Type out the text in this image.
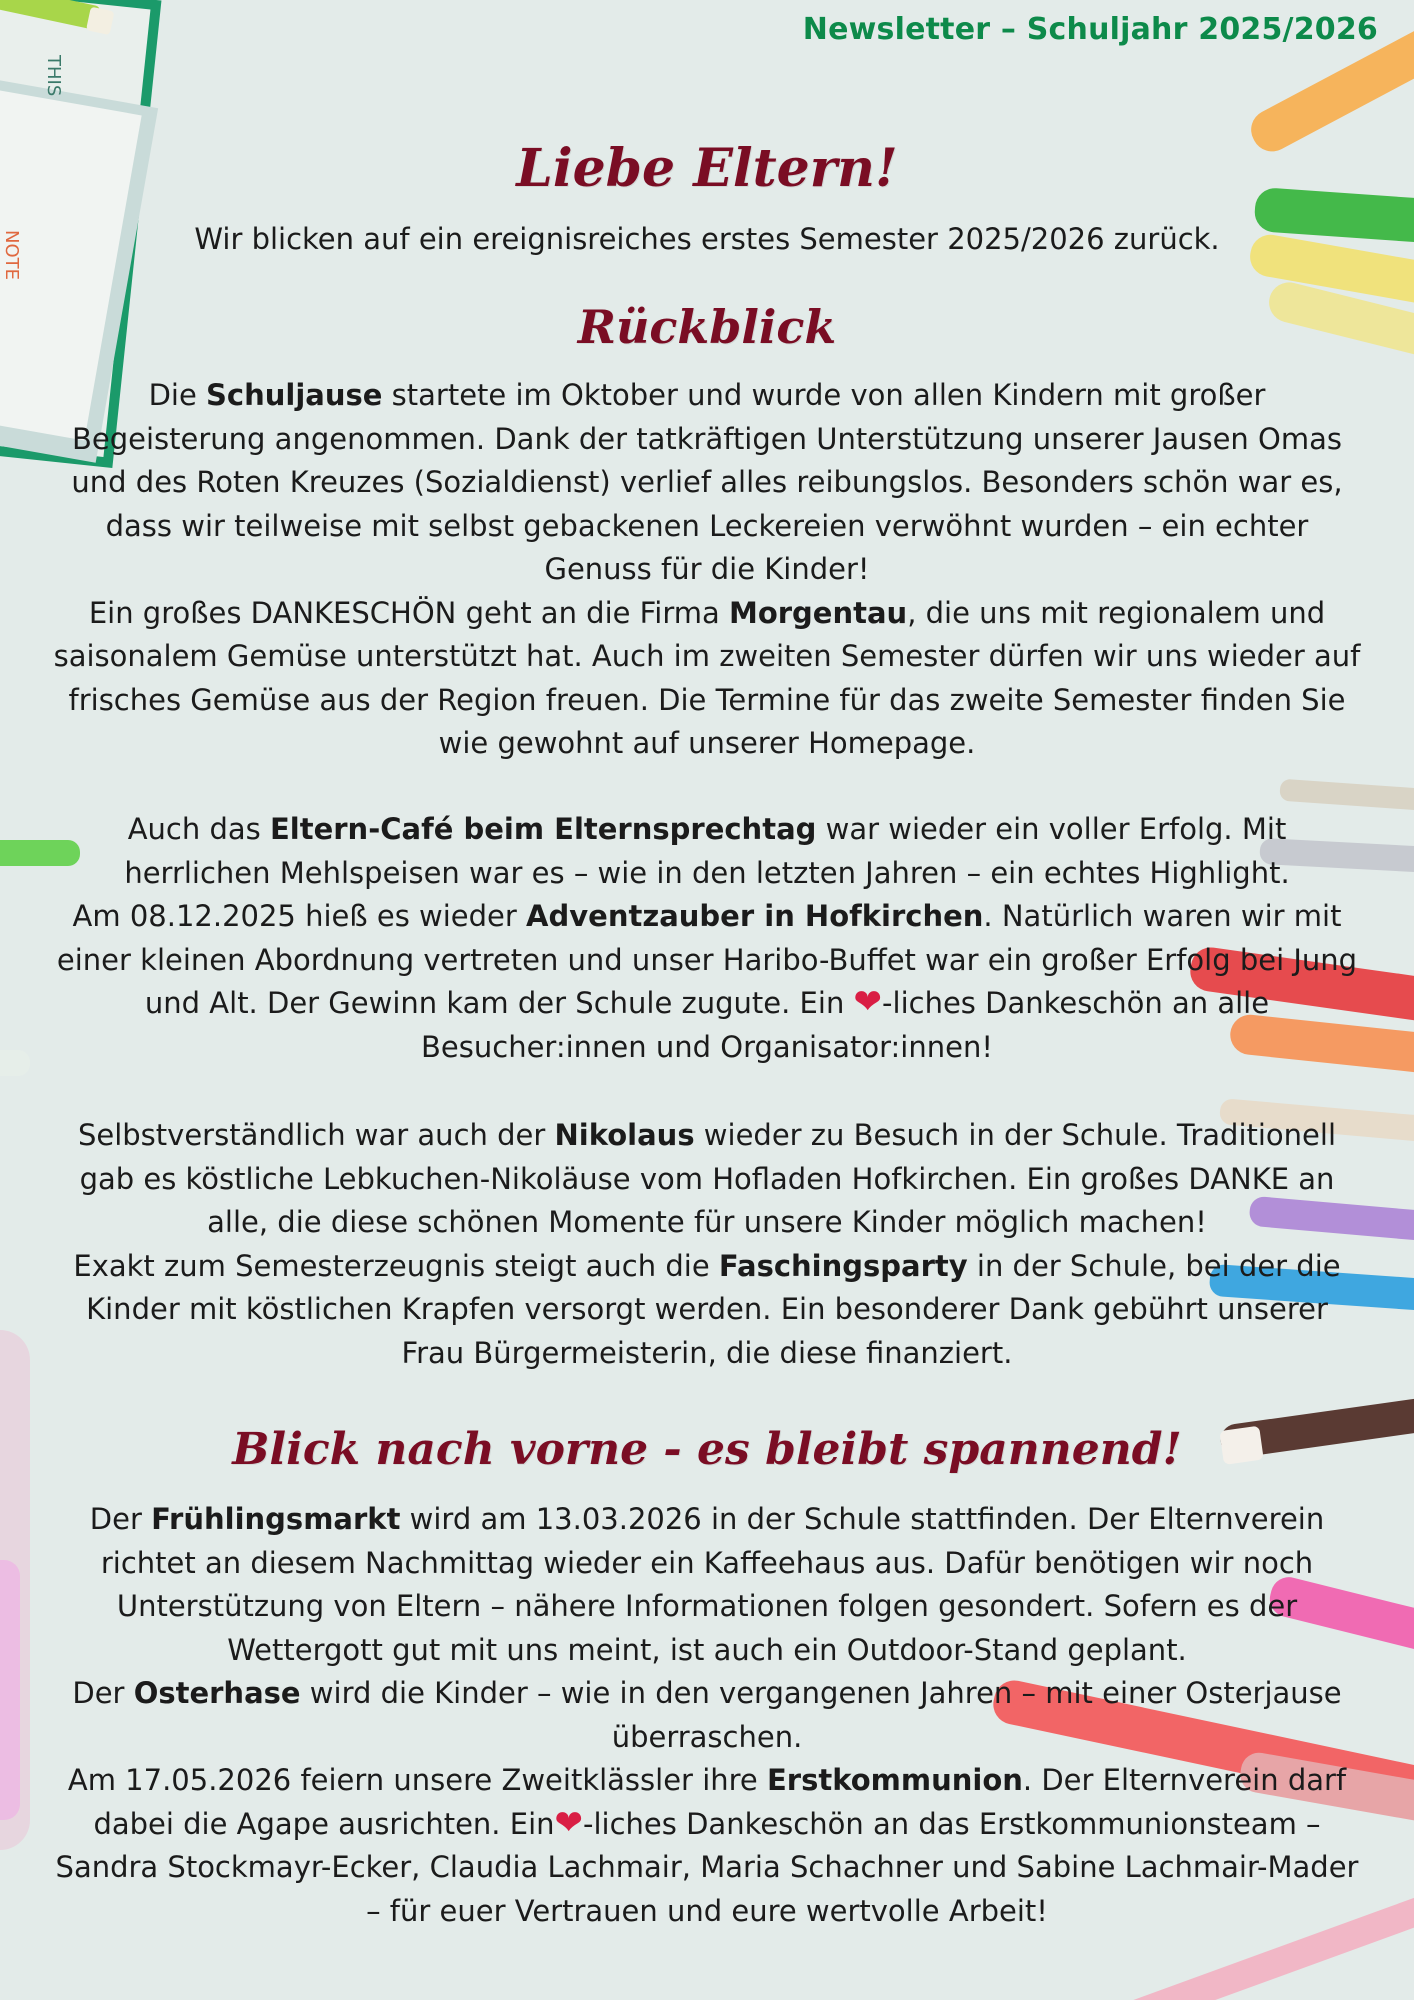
THIS
NOTE
Newsletter – Schuljahr 2025/2026
Liebe Eltern!

Wir blicken auf ein ereignisreiches erstes Semester 2025/2026 zurück.

Rückblick

Die Schuljause startete im Oktober und wurde von allen Kindern mit großer Begeisterung angenommen. Dank der tatkräftigen Unterstützung unserer Jausen Omas und des Roten Kreuzes (Sozialdienst) verlief alles reibungslos. Besonders schön war es, dass wir teilweise mit selbst gebackenen Leckereien verwöhnt wurden – ein echter Genuss für die Kinder!
Ein großes DANKESCHÖN geht an die Firma Morgentau, die uns mit regionalem und saisonalem Gemüse unterstützt hat. Auch im zweiten Semester dürfen wir uns wieder auf frisches Gemüse aus der Region freuen. Die Termine für das zweite Semester finden Sie wie gewohnt auf unserer Homepage.

Auch das Eltern-Café beim Elternsprechtag war wieder ein voller Erfolg. Mit herrlichen Mehlspeisen war es – wie in den letzten Jahren – ein echtes Highlight.
Am 08.12.2025 hieß es wieder Adventzauber in Hofkirchen. Natürlich waren wir mit einer kleinen Abordnung vertreten und unser Haribo-Buffet war ein großer Erfolg bei Jung und Alt. Der Gewinn kam der Schule zugute. Ein ❤-liches Dankeschön an alle Besucher:innen und Organisator:innen!

Selbstverständlich war auch der Nikolaus wieder zu Besuch in der Schule. Traditionell gab es köstliche Lebkuchen-Nikoläuse vom Hofladen Hofkirchen. Ein großes DANKE an alle, die diese schönen Momente für unsere Kinder möglich machen!
Exakt zum Semesterzeugnis steigt auch die Faschingsparty in der Schule, bei der die Kinder mit köstlichen Krapfen versorgt werden. Ein besonderer Dank gebührt unserer Frau Bürgermeisterin, die diese finanziert.

Blick nach vorne - es bleibt spannend!

Der Frühlingsmarkt wird am 13.03.2026 in der Schule stattfinden. Der Elternverein richtet an diesem Nachmittag wieder ein Kaffeehaus aus. Dafür benötigen wir noch Unterstützung von Eltern – nähere Informationen folgen gesondert. Sofern es der Wettergott gut mit uns meint, ist auch ein Outdoor-Stand geplant.
Der Osterhase wird die Kinder – wie in den vergangenen Jahren – mit einer Osterjause überraschen.
Am 17.05.2026 feiern unsere Zweitklässler ihre Erstkommunion. Der Elternverein darf dabei die Agape ausrichten. Ein❤-liches Dankeschön an das Erstkommunionsteam – Sandra Stockmayr-Ecker, Claudia Lachmair, Maria Schachner und Sabine Lachmair-Mader – für euer Vertrauen und eure wertvolle Arbeit!
